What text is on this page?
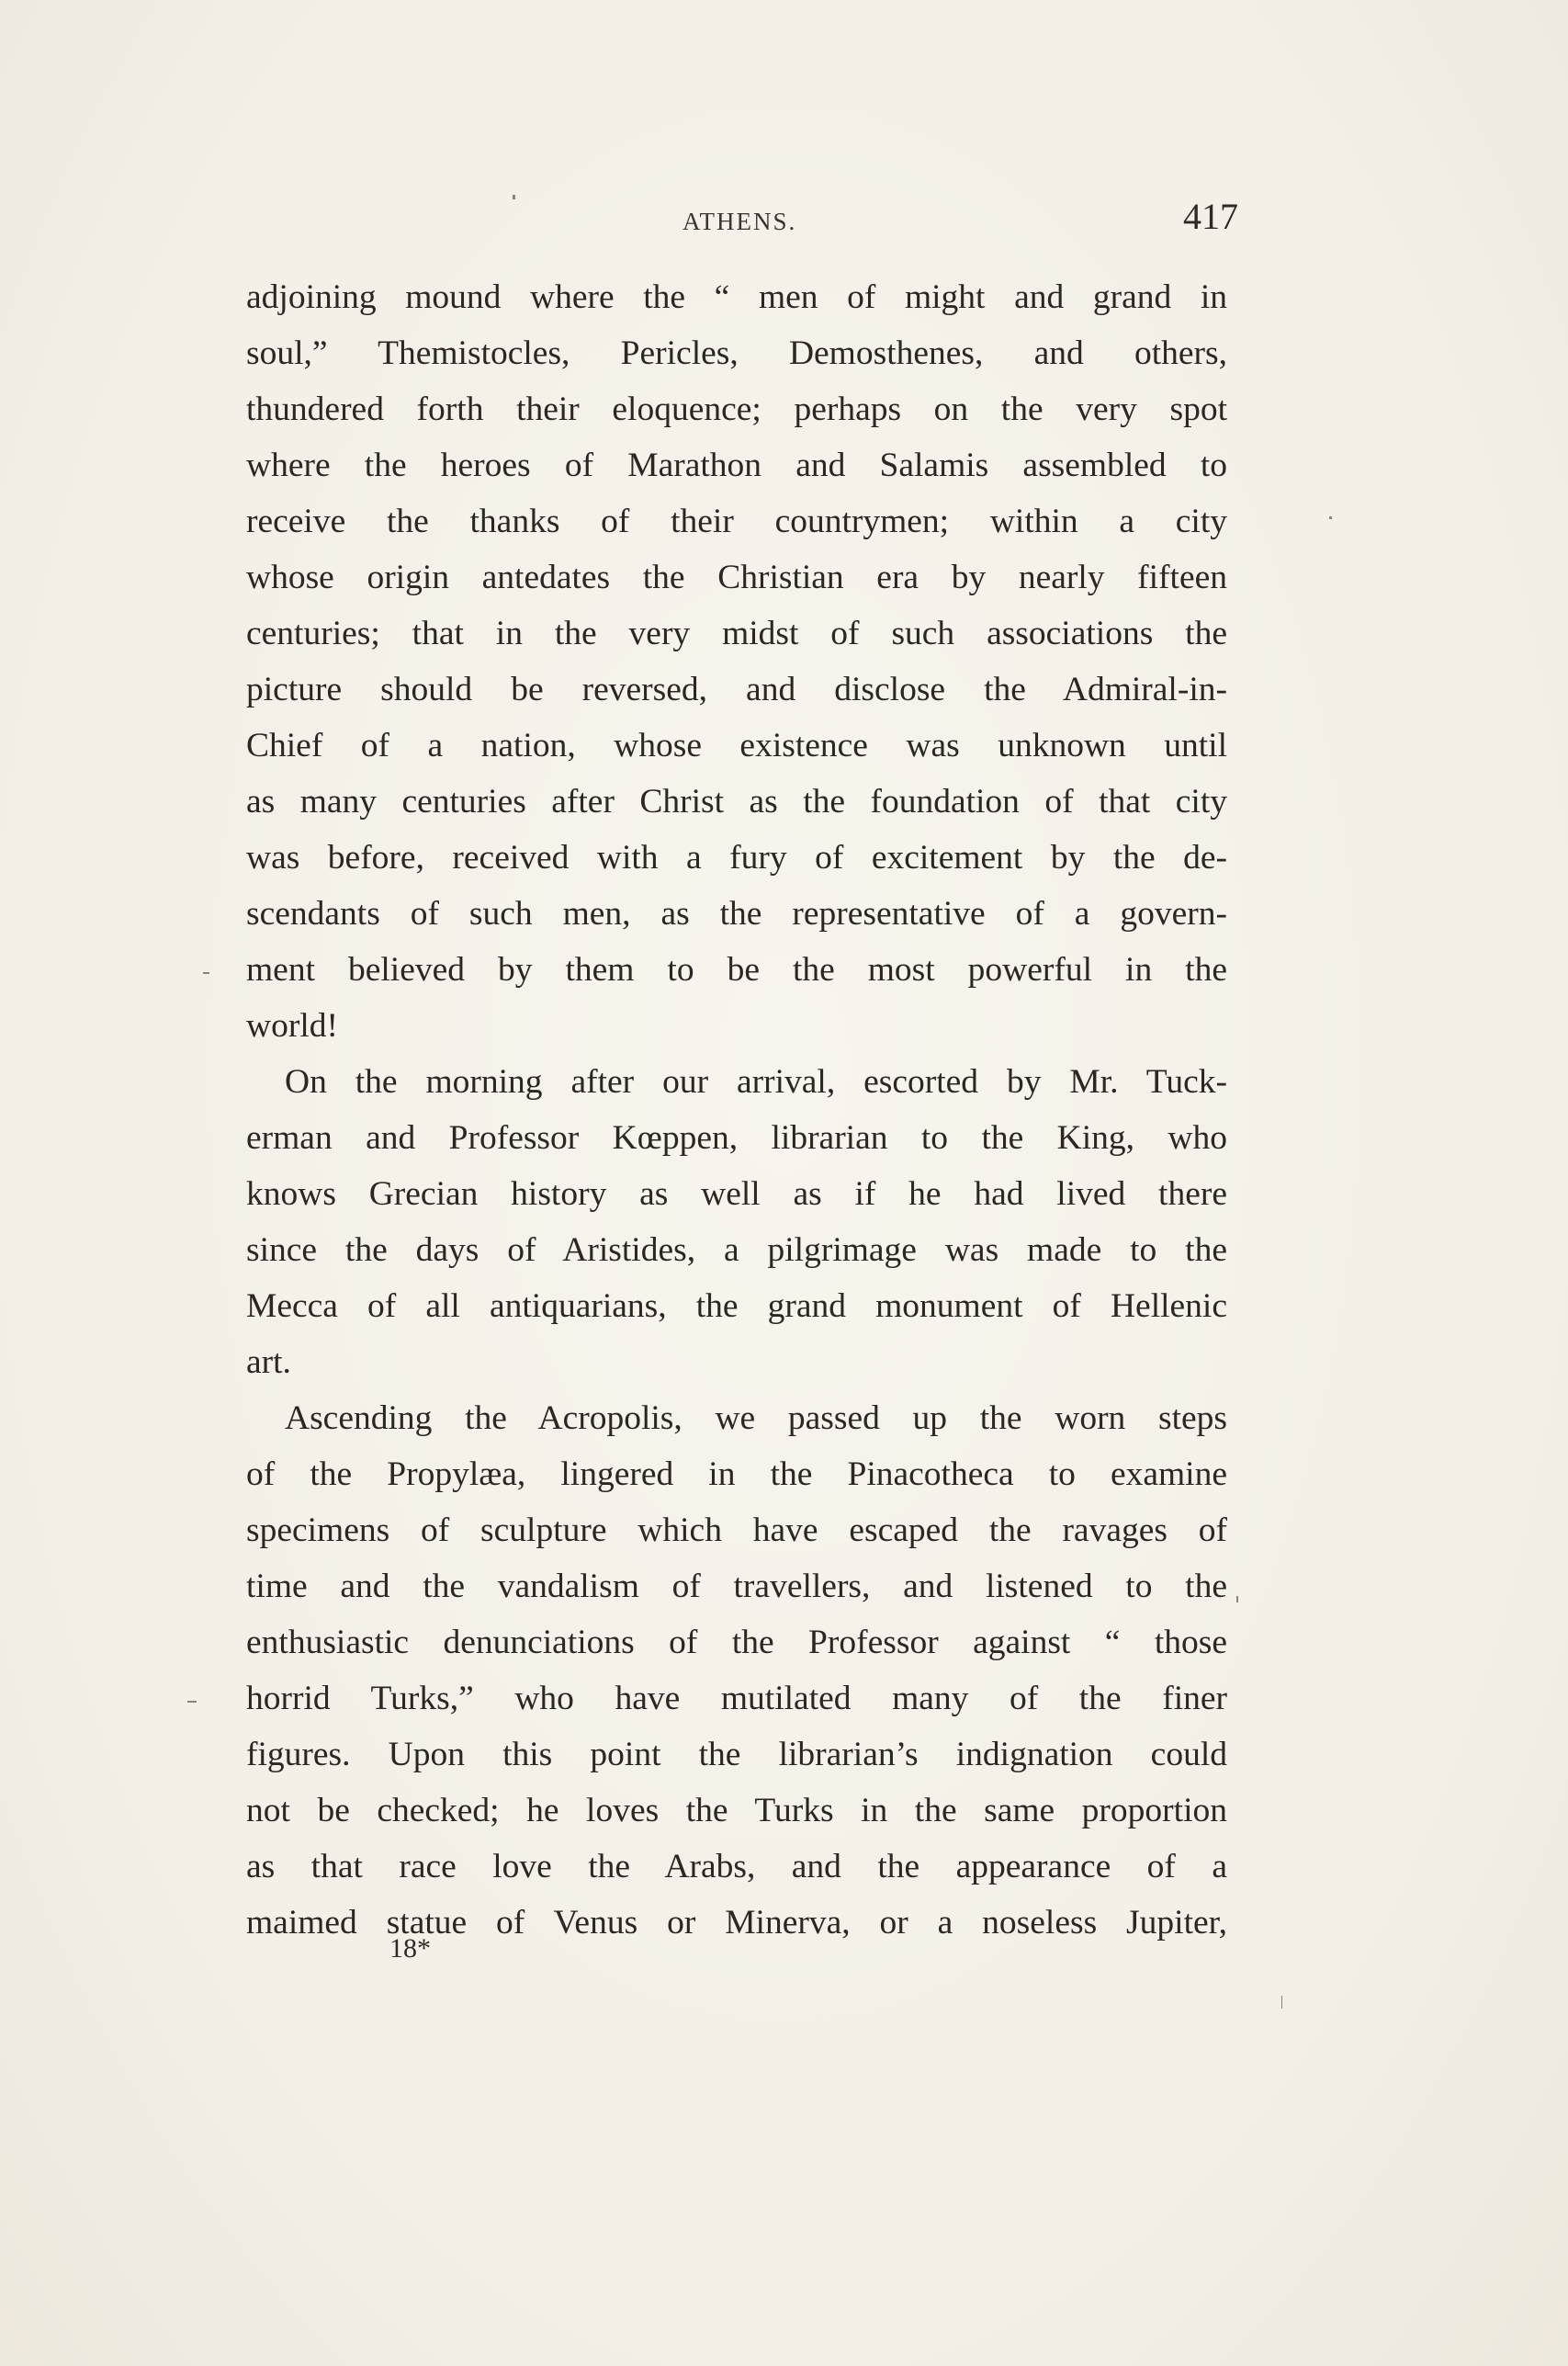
ATHENS.	417
adjoining mound where the “ men of might and grand in
soul,” Themistocles, Pericles, Demosthenes, and others,
thundered forth their eloquence; perhaps on the very spot
where the heroes of Marathon and Salamis assembled to
receive the thanks of their countrymen; within a city
whose origin antedates the Christian era by nearly fifteen
centuries; that in the very midst of such associations the
picture should be reversed, and disclose the Admiral-in-
Chief of a nation, whose existence was unknown until
as many centuries after Christ as the foundation of that city
was before, received with a fury of excitement by the de-
scendants of such men, as the representative of a govern-
ment believed by them to be the most powerful in the
world!
On the morning after our arrival, escorted by Mr. Tuck-
erman and Professor Kœppen, librarian to the King, who
knows Grecian history as well as if he had lived there
since the days of Aristides, a pilgrimage was made to the
Mecca of all antiquarians, the grand monument of Hellenic
art.
Ascending the Acropolis, we passed up the worn steps
of the Propylæa, lingered in the Pinacotheca to examine
specimens of sculpture which have escaped the ravages of
time and the vandalism of travellers, and listened to the
enthusiastic denunciations of the Professor against “ those
horrid Turks,” who have mutilated many of the finer
figures. Upon this point the librarian’s indignation could
not be checked; he loves the Turks in the same proportion
as that race love the Arabs, and the appearance of a
maimed statue of Venus or Minerva, or a noseless Jupiter,
18*
